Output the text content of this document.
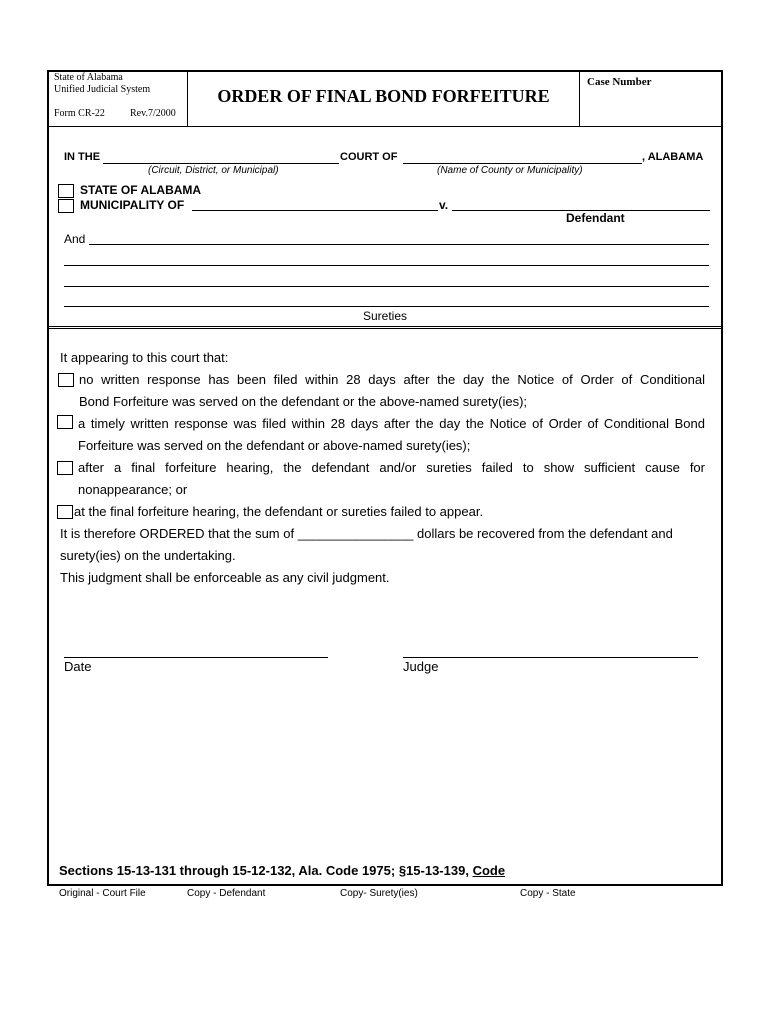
State of Alabama
Unified Judicial System
Form CR-22	Rev.7/2000
ORDER OF FINAL BOND FORFEITURE
Case Number
IN THE	COURT OF	, ALABAMA
(Circuit, District, or Municipal)	(Name of County or Municipality)
STATE OF ALABAMA
MUNICIPALITY OF	v.
Defendant
And
Sureties
It appearing to this court that:
no written response has been filed within 28 days after the day the Notice of Order of Conditional
Bond Forfeiture was served on the defendant or the above-named surety(ies);
a timely written response was filed within 28 days after the day the Notice of Order of Conditional Bond
Forfeiture was served on the defendant or above-named surety(ies);
after a final forfeiture hearing, the defendant and/or sureties failed to show sufficient cause for
nonappearance; or
at the final forfeiture hearing, the defendant or sureties failed to appear.
It is therefore ORDERED that the sum of ________________ dollars be recovered from the defendant and
surety(ies) on the undertaking.
This judgment shall be enforceable as any civil judgment.
Date	Judge
Sections 15-13-131 through 15-12-132, Ala. Code 1975; §15-13-139, Code
Original - Court File	Copy - Defendant	Copy- Surety(ies)	Copy - State
